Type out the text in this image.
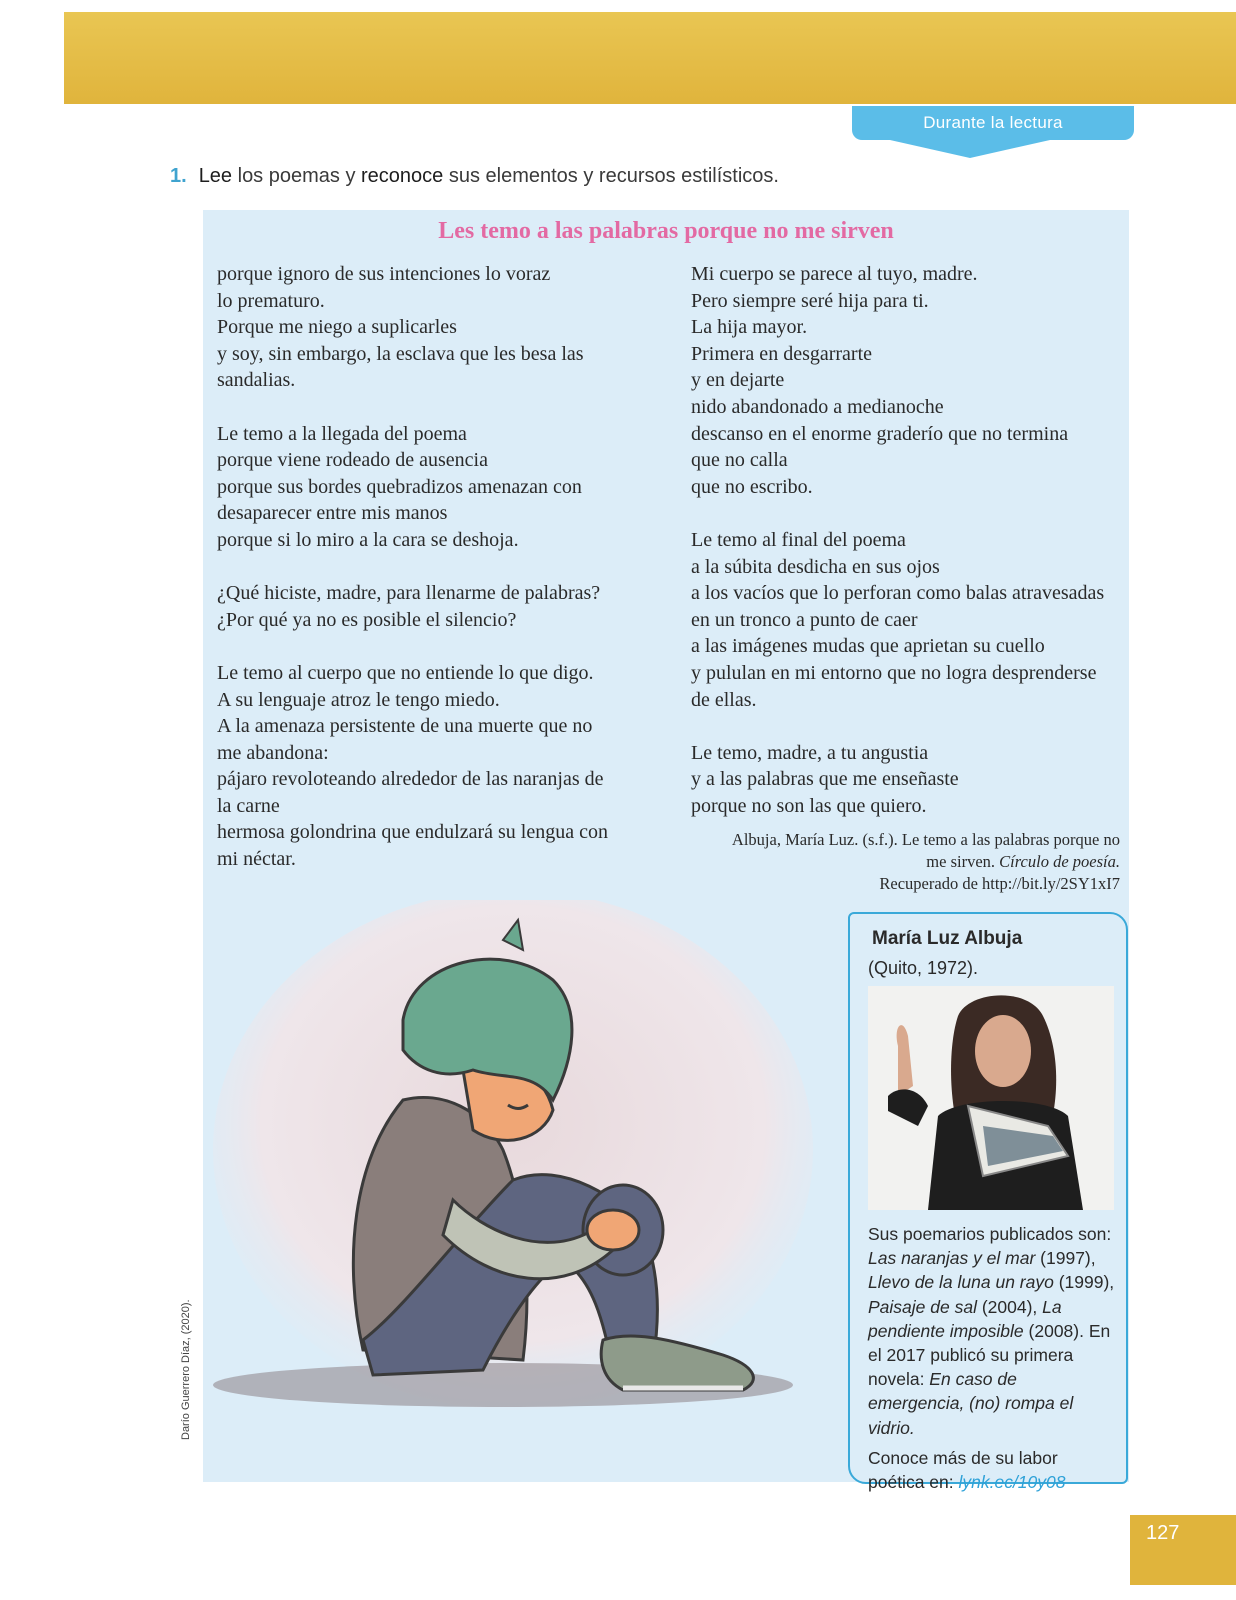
Durante la lectura
1. Lee los poemas y reconoce sus elementos y recursos estilísticos.
Les temo a las palabras porque no me sirven
porque ignoro de sus intenciones lo voraz
lo prematuro.
Porque me niego a suplicarles
y soy, sin embargo, la esclava que les besa las
sandalias.
Le temo a la llegada del poema
porque viene rodeado de ausencia
porque sus bordes quebradizos amenazan con
desaparecer entre mis manos
porque si lo miro a la cara se deshoja.
¿Qué hiciste, madre, para llenarme de palabras?
¿Por qué ya no es posible el silencio?
Le temo al cuerpo que no entiende lo que digo.
A su lenguaje atroz le tengo miedo.
A la amenaza persistente de una muerte que no
me abandona:
pájaro revoloteando alrededor de las naranjas de
la carne
hermosa golondrina que endulzará su lengua con
mi néctar.
Mi cuerpo se parece al tuyo, madre.
Pero siempre seré hija para ti.
La hija mayor.
Primera en desgarrarte
y en dejarte
nido abandonado a medianoche
descanso en el enorme graderío que no termina
que no calla
que no escribo.
Le temo al final del poema
a la súbita desdicha en sus ojos
a los vacíos que lo perforan como balas atravesadas
en un tronco a punto de caer
a las imágenes mudas que aprietan su cuello
y pululan en mi entorno que no logra desprenderse
de ellas.
Le temo, madre, a tu angustia
y a las palabras que me enseñaste
porque no son las que quiero.
Albuja, María Luz. (s.f.). Le temo a las palabras porque no
me sirven. Círculo de poesía.
Recuperado de http://bit.ly/2SY1xI7
Darío Guerrero Díaz, (2020).
María Luz Albuja
(Quito, 1972).

Sus poemarios publicados son: Las naranjas y el mar (1997), Llevo de la luna un rayo (1999), Paisaje de sal (2004), La pendiente imposible (2008). En el 2017 publicó su primera novela: En caso de emergencia, (no) rompa el vidrio.

Conoce más de su labor poética en: lynk.ec/10y08

127
